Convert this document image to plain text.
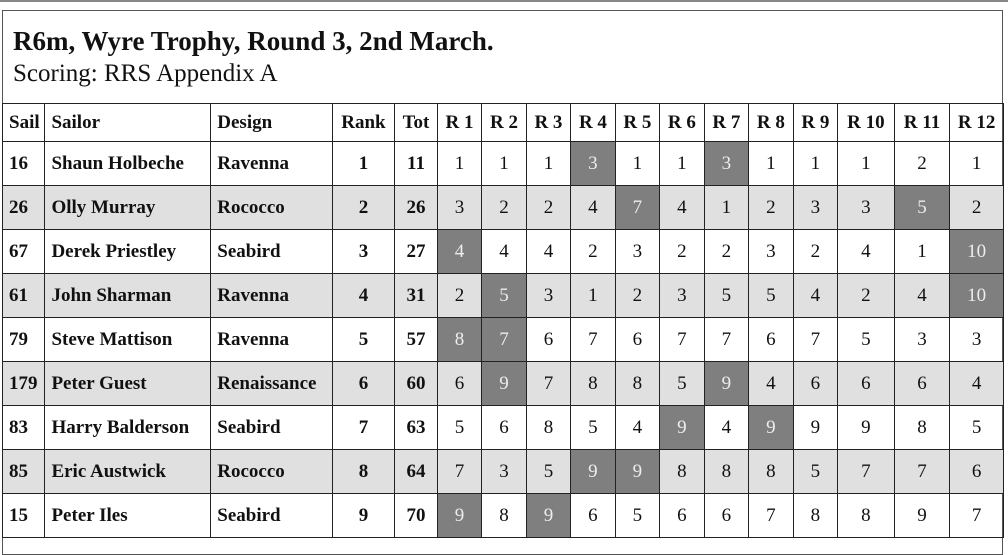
R6m, Wyre Trophy, Round 3, 2nd March.
Scoring: RRS Appendix A
Sail	Sailor	Design	Rank	Tot	R 1	R 2	R 3	R 4	R 5	R 6	R 7	R 8	R 9	R 10	R 11	R 12
16	Shaun Holbeche	Ravenna	1	11	1	1	1	3	1	1	3	1	1	1	2	1
26	Olly Murray	Rococco	2	26	3	2	2	4	7	4	1	2	3	3	5	2
67	Derek Priestley	Seabird	3	27	4	4	4	2	3	2	2	3	2	4	1	10
61	John Sharman	Ravenna	4	31	2	5	3	1	2	3	5	5	4	2	4	10
79	Steve Mattison	Ravenna	5	57	8	7	6	7	6	7	7	6	7	5	3	3
179	Peter Guest	Renaissance	6	60	6	9	7	8	8	5	9	4	6	6	6	4
83	Harry Balderson	Seabird	7	63	5	6	8	5	4	9	4	9	9	9	8	5
85	Eric Austwick	Rococco	8	64	7	3	5	9	9	8	8	8	5	7	7	6
15	Peter Iles	Seabird	9	70	9	8	9	6	5	6	6	7	8	8	9	7
